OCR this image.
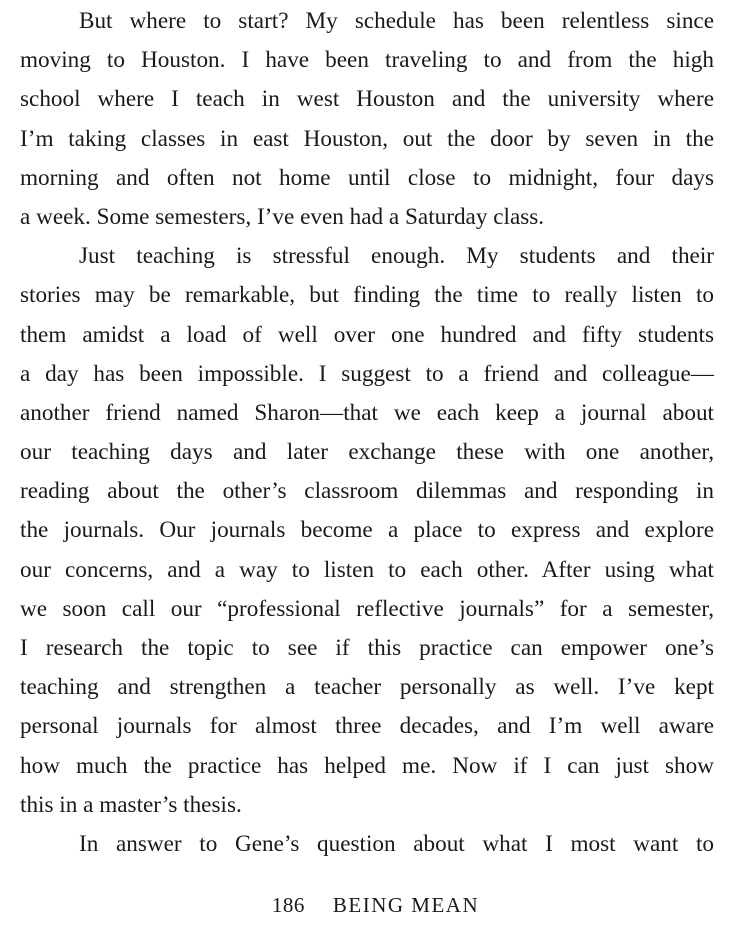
But where to start? My schedule has been relentless since
moving to Houston. I have been traveling to and from the high
school where I teach in west Houston and the university where
I’m taking classes in east Houston, out the door by seven in the
morning and often not home until close to midnight, four days
a week. Some semesters, I’ve even had a Saturday class.
Just teaching is stressful enough. My students and their
stories may be remarkable, but finding the time to really listen to
them amidst a load of well over one hundred and fifty students
a day has been impossible. I suggest to a friend and colleague—
another friend named Sharon—that we each keep a journal about
our teaching days and later exchange these with one another,
reading about the other’s classroom dilemmas and responding in
the journals. Our journals become a place to express and explore
our concerns, and a way to listen to each other. After using what
we soon call our “professional reflective journals” for a semester,
I research the topic to see if this practice can empower one’s
teaching and strengthen a teacher personally as well. I’ve kept
personal journals for almost three decades, and I’m well aware
how much the practice has helped me. Now if I can just show
this in a master’s thesis.
In answer to Gene’s question about what I most want to
186 BEING MEAN
